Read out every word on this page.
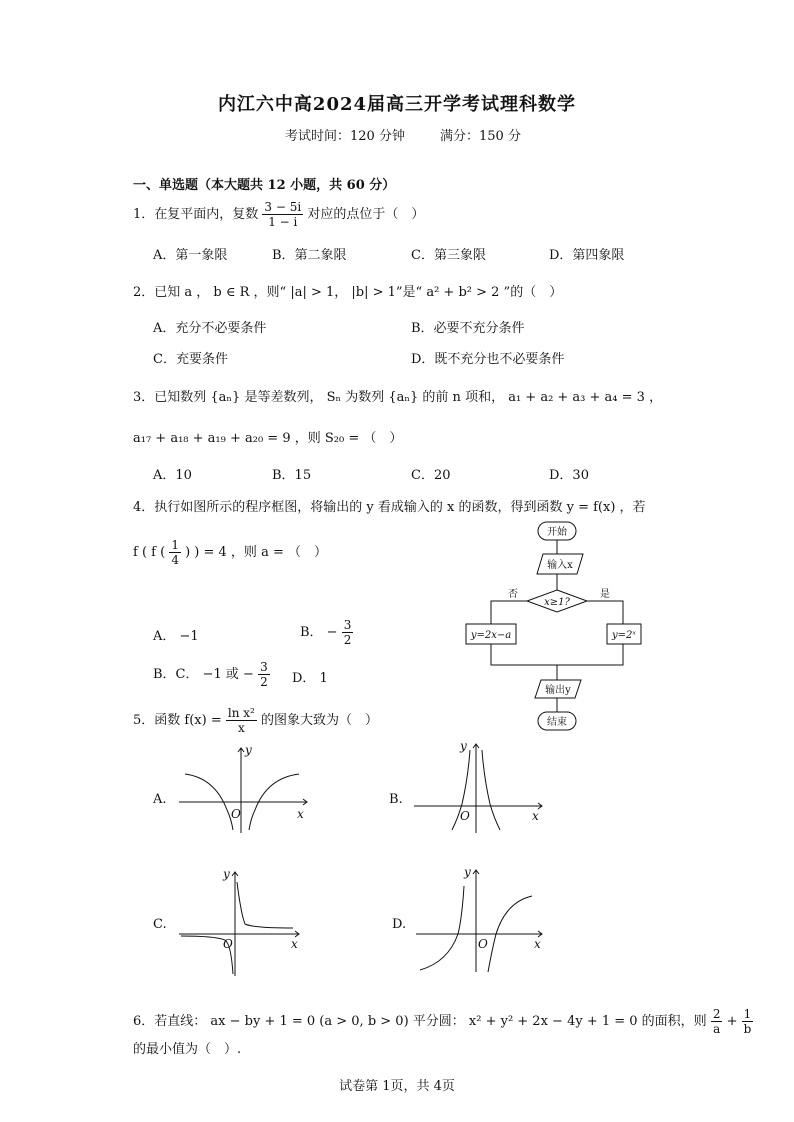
内江六中高2024届高三开学考试理科数学
考试时间：120 分钟	满分：150 分
一、单选题（本大题共 12 小题，共 60 分）
1．在复平面内，复数 $\frac{3 - 5i}{1 - i}$ 对应的点位于（　）
A．第一象限	B．第二象限	C．第三象限	D．第四象限
2．已知 a ， b ∈ R ，则“ |a| > 1， |b| > 1”是“ a² + b² > 2 ”的（　）
A．充分不必要条件	B．必要不充分条件
C．充要条件	D．既不充分也不必要条件
3．已知数列 {aₙ} 是等差数列， Sₙ 为数列 {aₙ} 的前 n 项和， a₁ + a₂ + a₃ + a₄ = 3 ，
a₁₇ + a₁₈ + a₁₉ + a₂₀ = 9 ，则 S₂₀ = （　）
A．10	B．15	C．20	D．30
4．执行如图所示的程序框图，将输出的 y 看成输入的 x 的函数，得到函数 y = f(x) ，若
f ( f ( $\frac{1}{4}$ ) ) = 4 ，则 a = （　）
A． −1	B． − $\frac{3}{2}$
B．C． −1 或 − $\frac{3}{2}$ D． 1
开始
输入x
x≥1?
否	是
y=2x−a	y=2ˣ
输出y
结束
5．函数 $f(x) = \frac{\text{ln x²}}{x}$ 的图象大致为（　）
A.
y
O	x
B.
y
O	x
C.
y
O	x
D.
y
O	x
6．若直线： ax − by + 1 = 0 (a > 0, b > 0) 平分圆： x² + y² + 2x − 4y + 1 = 0 的面积，则 $\frac{2}{a} + \frac{1}{b}$
的最小值为（　）.
试卷第 1页，共 4页
